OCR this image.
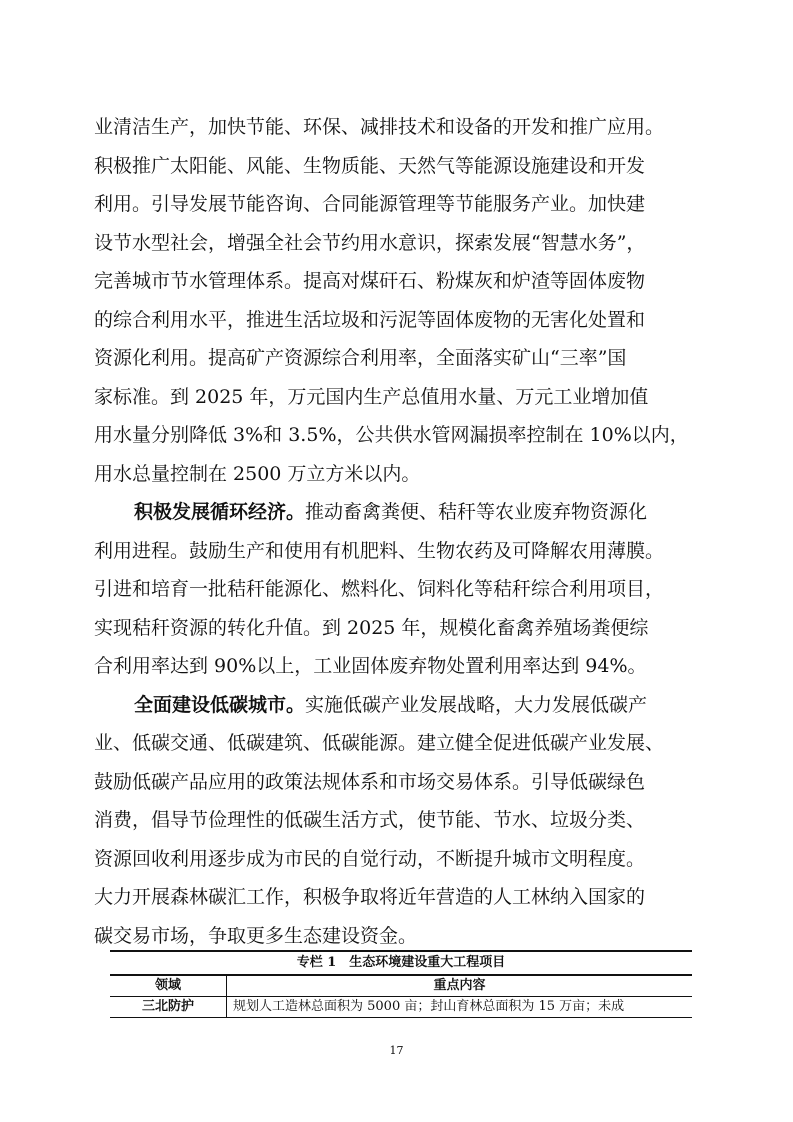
业清洁生产，加快节能、环保、减排技术和设备的开发和推广应用。
积极推广太阳能、风能、生物质能、天然气等能源设施建设和开发
利用。引导发展节能咨询、合同能源管理等节能服务产业。加快建
设节水型社会，增强全社会节约用水意识，探索发展“智慧水务”，
完善城市节水管理体系。提高对煤矸石、粉煤灰和炉渣等固体废物
的综合利用水平，推进生活垃圾和污泥等固体废物的无害化处置和
资源化利用。提高矿产资源综合利用率，全面落实矿山“三率”国
家标准。到 2025 年，万元国内生产总值用水量、万元工业增加值
用水量分别降低 3%和 3.5%，公共供水管网漏损率控制在 10%以内，
用水总量控制在 2500 万立方米以内。
积极发展循环经济。推动畜禽粪便、秸秆等农业废弃物资源化
利用进程。鼓励生产和使用有机肥料、生物农药及可降解农用薄膜。
引进和培育一批秸秆能源化、燃料化、饲料化等秸秆综合利用项目，
实现秸秆资源的转化升值。到 2025 年，规模化畜禽养殖场粪便综
合利用率达到 90%以上，工业固体废弃物处置利用率达到 94%。
全面建设低碳城市。实施低碳产业发展战略，大力发展低碳产
业、低碳交通、低碳建筑、低碳能源。建立健全促进低碳产业发展、
鼓励低碳产品应用的政策法规体系和市场交易体系。引导低碳绿色
消费，倡导节俭理性的低碳生活方式，使节能、节水、垃圾分类、
资源回收利用逐步成为市民的自觉行动，不断提升城市文明程度。
大力开展森林碳汇工作，积极争取将近年营造的人工林纳入国家的
碳交易市场，争取更多生态建设资金。
专栏 1　生态环境建设重大工程项目
领域	重点内容
三北防护	规划人工造林总面积为 5000 亩；封山育林总面积为 15 万亩；未成
17
